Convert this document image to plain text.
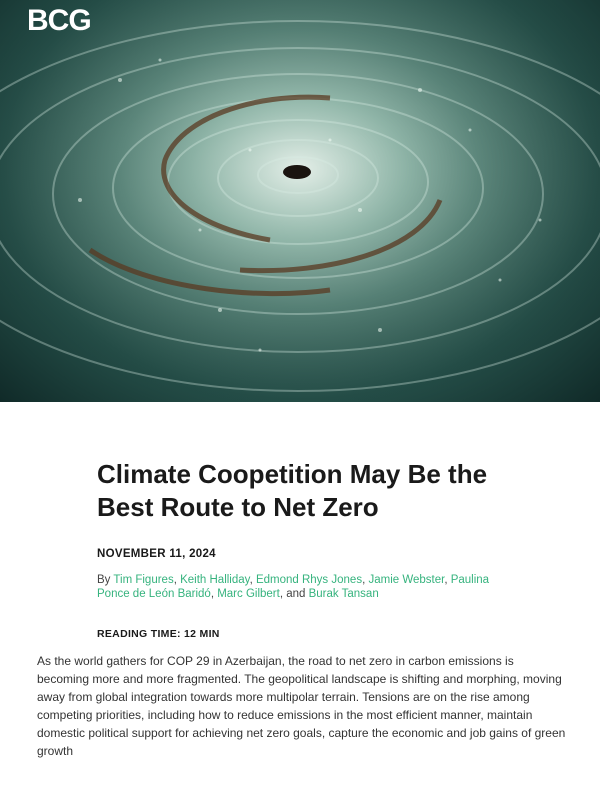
BCG
Climate Coopetition May Be the Best Route to Net Zero
NOVEMBER 11, 2024
By Tim Figures, Keith Halliday, Edmond Rhys Jones, Jamie Webster, Paulina Ponce de León Baridó, Marc Gilbert, and Burak Tansan
READING TIME: 12 MIN

As the world gathers for COP 29 in Azerbaijan, the road to net zero in carbon emissions is becoming more and more fragmented. The geopolitical landscape is shifting and morphing, moving away from global integration towards more multipolar terrain. Tensions are on the rise among competing priorities, including how to reduce emissions in the most efficient manner, maintain domestic political support for achieving net zero goals, capture the economic and job gains of green growth
